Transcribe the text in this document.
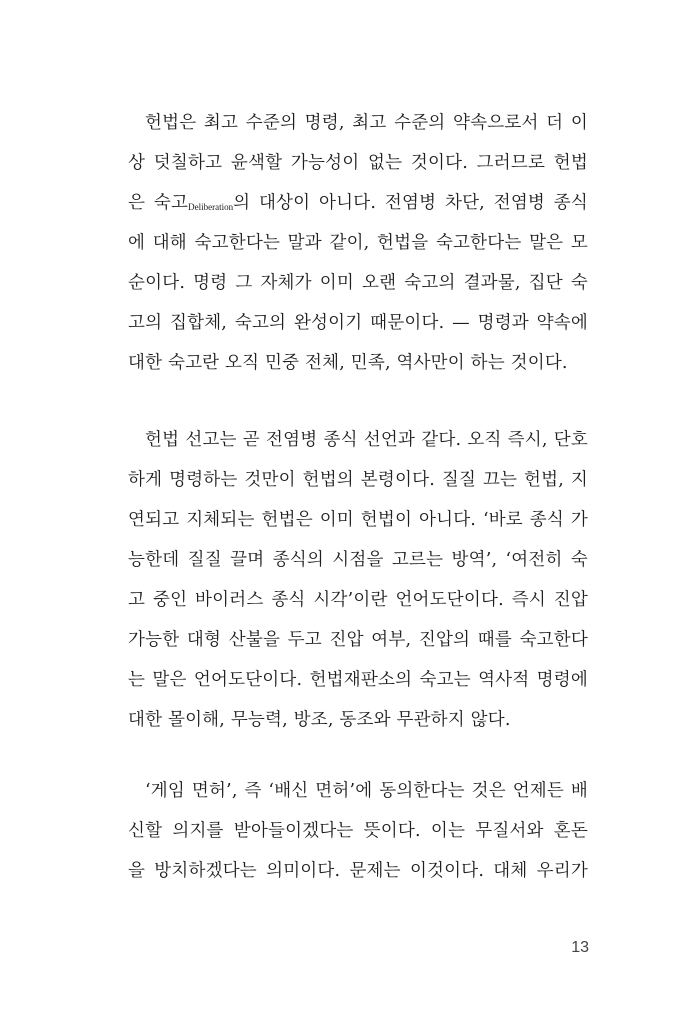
헌법은 최고 수준의 명령, 최고 수준의 약속으로서 더 이
상 덧칠하고 윤색할 가능성이 없는 것이다. 그러므로 헌법
은 숙고$_{Deliberation}$의 대상이 아니다. 전염병 차단, 전염병 종식
에 대해 숙고한다는 말과 같이, 헌법을 숙고한다는 말은 모
순이다. 명령 그 자체가 이미 오랜 숙고의 결과물, 집단 숙
고의 집합체, 숙고의 완성이기 때문이다. — 명령과 약속에
대한 숙고란 오직 민중 전체, 민족, 역사만이 하는 것이다.
헌법 선고는 곧 전염병 종식 선언과 같다. 오직 즉시, 단호
하게 명령하는 것만이 헌법의 본령이다. 질질 끄는 헌법, 지
연되고 지체되는 헌법은 이미 헌법이 아니다. ‘바로 종식 가
능한데 질질 끌며 종식의 시점을 고르는 방역’, ‘여전히 숙
고 중인 바이러스 종식 시각’이란 언어도단이다. 즉시 진압
가능한 대형 산불을 두고 진압 여부, 진압의 때를 숙고한다
는 말은 언어도단이다. 헌법재판소의 숙고는 역사적 명령에
대한 몰이해, 무능력, 방조, 동조와 무관하지 않다.
‘게임 면허’, 즉 ‘배신 면허’에 동의한다는 것은 언제든 배
신할 의지를 받아들이겠다는 뜻이다. 이는 무질서와 혼돈
을 방치하겠다는 의미이다. 문제는 이것이다. 대체 우리가
13
